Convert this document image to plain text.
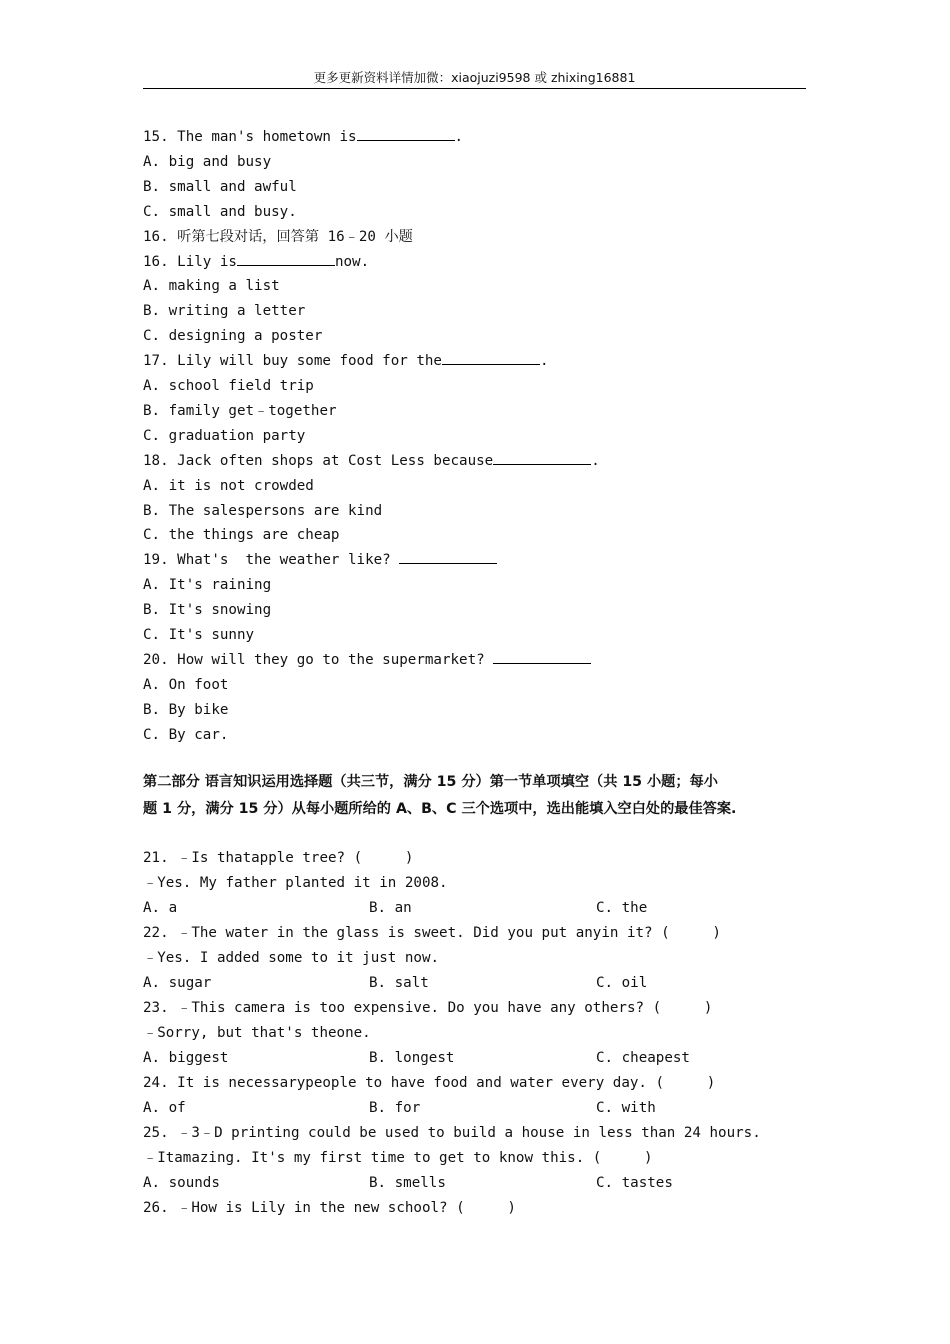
更多更新资料详情加微：xiaojuzi9598 或 zhixing16881
15. The man's hometown is	.
A. big and busy
B. small and awful
C. small and busy.
16. 听第七段对话，回答第 16﹣20 小题
16. Lily is	now.
A. making a list
B. writing a letter
C. designing a poster
17. Lily will buy some food for the	.
A. school field trip
B. family get﹣together
C. graduation party
18. Jack often shops at Cost Less because	.
A. it is not crowded
B. The salespersons are kind
C. the things are cheap
19. What's  the weather like?
A. It's raining
B. It's snowing
C. It's sunny
20. How will they go to the supermarket?
A. On foot
B. By bike
C. By car.
第二部分 语言知识运用选择题（共三节，满分 15 分）第一节单项填空（共 15 小题；每小
题 1 分，满分 15 分）从每小题所给的 A、B、C 三个选项中，选出能填入空白处的最佳答案.
21. ﹣Is thatapple tree? (     )
﹣Yes. My father planted it in 2008.
A. a	B. an	C. the
22. ﹣The water in the glass is sweet. Did you put anyin it? (     )
﹣Yes. I added some to it just now.
A. sugar	B. salt	C. oil
23. ﹣This camera is too expensive. Do you have any others? (     )
﹣Sorry, but that's theone.
A. biggest	B. longest	C. cheapest
24. It is necessarypeople to have food and water every day. (     )
A. of	B. for	C. with
25. ﹣3﹣D printing could be used to build a house in less than 24 hours.
﹣Itamazing. It's my first time to get to know this. (     )
A. sounds	B. smells	C. tastes
26. ﹣How is Lily in the new school? (     )
